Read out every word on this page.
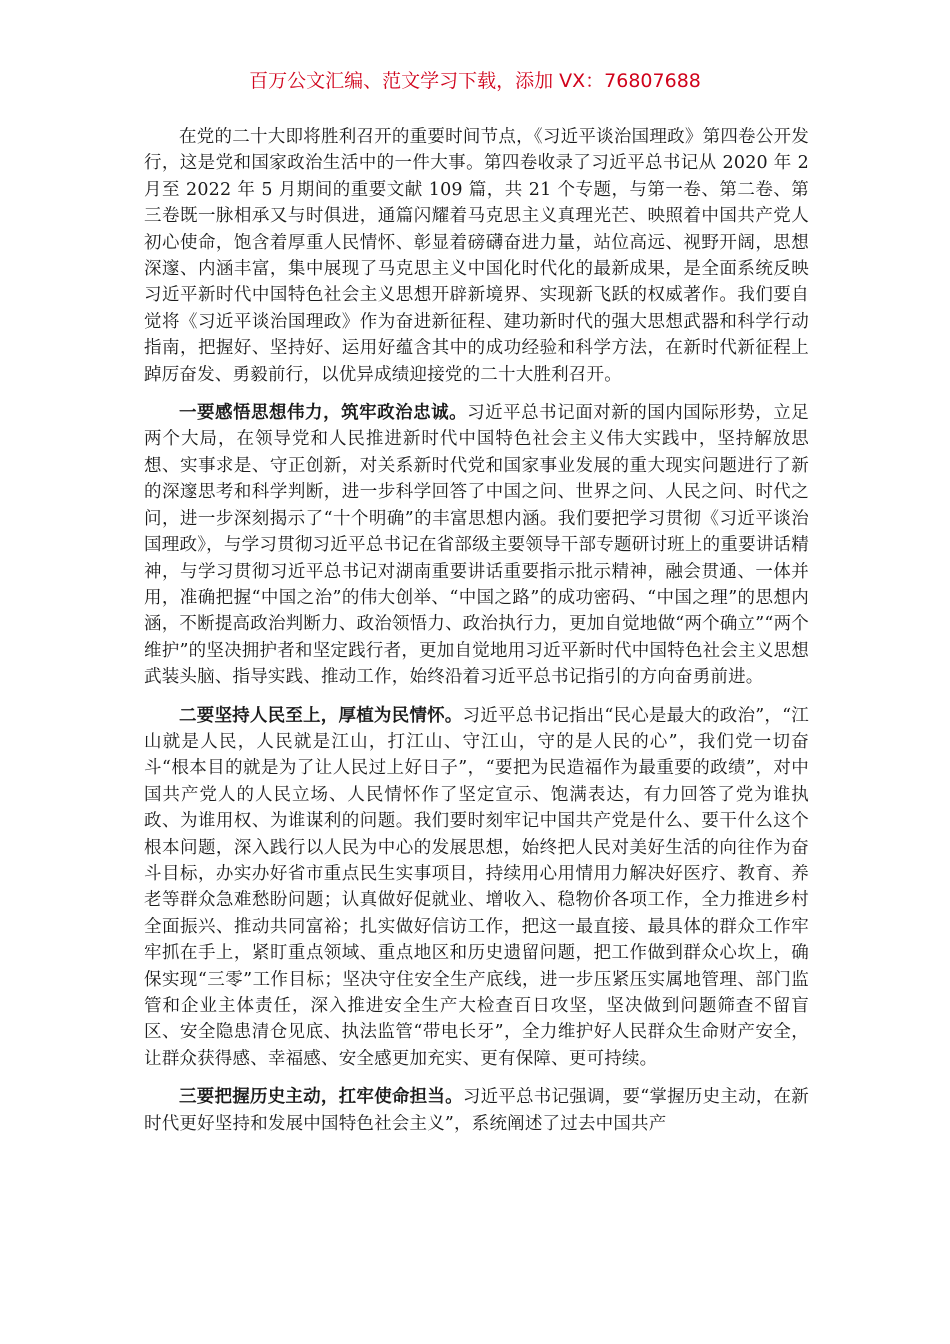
百万公文汇编、范文学习下载，添加 VX：76807688

在党的二十大即将胜利召开的重要时间节点，《习近平谈治国理政》第四卷公开发行，这是党和国家政治生活中的一件大事。第四卷收录了习近平总书记从 2020 年 2 月至 2022 年 5 月期间的重要文献 109 篇，共 21 个专题，与第一卷、第二卷、第三卷既一脉相承又与时俱进，通篇闪耀着马克思主义真理光芒、映照着中国共产党人初心使命，饱含着厚重人民情怀、彰显着磅礴奋进力量，站位高远、视野开阔，思想深邃、内涵丰富，集中展现了马克思主义中国化时代化的最新成果，是全面系统反映习近平新时代中国特色社会主义思想开辟新境界、实现新飞跃的权威著作。我们要自觉将《习近平谈治国理政》作为奋进新征程、建功新时代的强大思想武器和科学行动指南，把握好、坚持好、运用好蕴含其中的成功经验和科学方法，在新时代新征程上踔厉奋发、勇毅前行，以优异成绩迎接党的二十大胜利召开。

一要感悟思想伟力，筑牢政治忠诚。习近平总书记面对新的国内国际形势，立足两个大局，在领导党和人民推进新时代中国特色社会主义伟大实践中，坚持解放思想、实事求是、守正创新，对关系新时代党和国家事业发展的重大现实问题进行了新的深邃思考和科学判断，进一步科学回答了中国之问、世界之问、人民之问、时代之问，进一步深刻揭示了“十个明确”的丰富思想内涵。我们要把学习贯彻《习近平谈治国理政》，与学习贯彻习近平总书记在省部级主要领导干部专题研讨班上的重要讲话精神，与学习贯彻习近平总书记对湖南重要讲话重要指示批示精神，融会贯通、一体并用，准确把握“中国之治”的伟大创举、“中国之路”的成功密码、“中国之理”的思想内涵，不断提高政治判断力、政治领悟力、政治执行力，更加自觉地做“两个确立”“两个维护”的坚决拥护者和坚定践行者，更加自觉地用习近平新时代中国特色社会主义思想武装头脑、指导实践、推动工作，始终沿着习近平总书记指引的方向奋勇前进。

二要坚持人民至上，厚植为民情怀。习近平总书记指出“民心是最大的政治”，“江山就是人民，人民就是江山，打江山、守江山，守的是人民的心”，我们党一切奋斗“根本目的就是为了让人民过上好日子”，“要把为民造福作为最重要的政绩”，对中国共产党人的人民立场、人民情怀作了坚定宣示、饱满表达，有力回答了党为谁执政、为谁用权、为谁谋利的问题。我们要时刻牢记中国共产党是什么、要干什么这个根本问题，深入践行以人民为中心的发展思想，始终把人民对美好生活的向往作为奋斗目标，办实办好省市重点民生实事项目，持续用心用情用力解决好医疗、教育、养老等群众急难愁盼问题；认真做好促就业、增收入、稳物价各项工作，全力推进乡村全面振兴、推动共同富裕；扎实做好信访工作，把这一最直接、最具体的群众工作牢牢抓在手上，紧盯重点领域、重点地区和历史遗留问题，把工作做到群众心坎上，确保实现“三零”工作目标；坚决守住安全生产底线，进一步压紧压实属地管理、部门监管和企业主体责任，深入推进安全生产大检查百日攻坚，坚决做到问题筛查不留盲区、安全隐患清仓见底、执法监管“带电长牙”，全力维护好人民群众生命财产安全，让群众获得感、幸福感、安全感更加充实、更有保障、更可持续。

三要把握历史主动，扛牢使命担当。习近平总书记强调，要“掌握历史主动，在新时代更好坚持和发展中国特色社会主义”，系统阐述了过去中国共产
